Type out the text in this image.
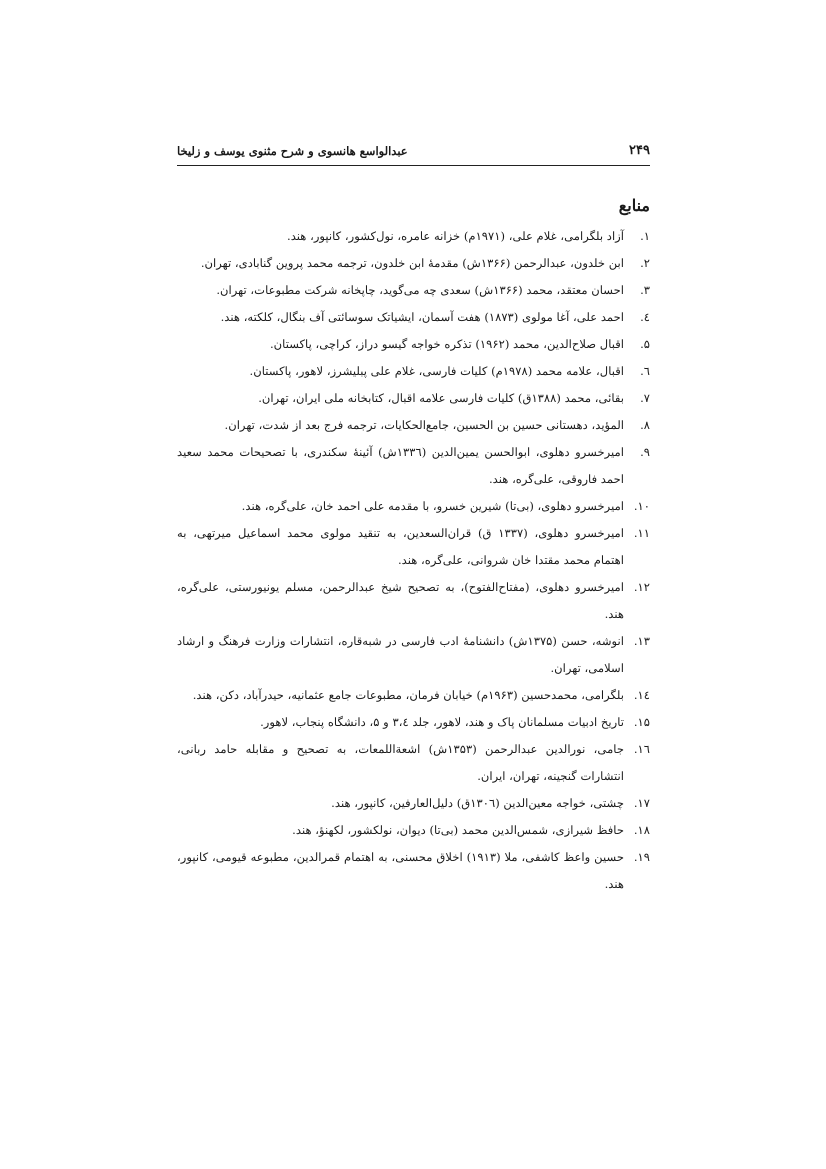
۲۴۹
عبدالواسع هانسوی و شرح مثنوی یوسف و زلیخا
منابع
۱.
آزاد بلگرامی، غلام علی، (۱۹۷۱م) خزانه عامره، نول‌کشور، کانپور، هند.
۲.
ابن خلدون، عبدالرحمن (۱۳۶۶ش) مقدمهٔ ابن خلدون، ترجمه محمد پروین گنابادی، تهران.
۳.
احسان معتقد، محمد (۱۳۶۶ش) سعدی چه می‌گوید، چاپخانه شرکت مطبوعات، تهران.
٤.
احمد علی، آغا مولوی (۱۸۷۳) هفت آسمان، ایشیاتک سوسائتی آف بنگال، کلکته، هند.
۵.
اقبال صلاح‌الدین، محمد (۱۹۶۲) تذکره خواجه گیسو دراز، کراچی، پاکستان.
٦.
اقبال، علامه محمد (۱۹۷۸م) کلیات فارسی، غلام علی پبلیشرز، لاهور، پاکستان.
۷.
بقائی، محمد (۱۳۸۸ق) کلیات فارسی علامه اقبال، کتابخانه ملی ایران، تهران.
۸.
المؤید، دهستانی حسین بن الحسین، جامع‌الحکایات، ترجمه فرج بعد از شدت، تهران.
۹.
امیرخسرو دهلوی، ابوالحسن یمین‌الدین (۱۳۳٦ش) آئینهٔ سکندری، با تصحیحات محمد سعید احمد فاروقی، علی‌گره، هند.
۱۰.
امیرخسرو دهلوی، (بی‌تا) شیرین خسرو، با مقدمه علی احمد خان، علی‌گره، هند.
۱۱.
امیرخسرو دهلوی، (۱۳۳۷ ق) قران‌السعدین، به تنقید مولوی محمد اسماعیل میرتهی، به اهتمام محمد مقتدا خان شروانی، علی‌گره، هند.
۱۲.
امیرخسرو دهلوی، (مفتاح‌الفتوح)، به تصحیح شیخ عبدالرحمن، مسلم یونیورستی، علی‌گره، هند.
۱۳.
انوشه، حسن (۱۳۷۵ش) دانشنامهٔ ادب فارسی در شبه‌قاره، انتشارات وزارت فرهنگ و ارشاد اسلامی، تهران.
۱٤.
بلگرامی، محمدحسین (۱۹۶۳م) خیابان فرمان، مطبوعات جامع عثمانیه، حیدرآباد، دکن، هند.
۱۵.
تاریخ ادبیات مسلمانان پاک و هند، لاهور، جلد ۳،٤ و ۵، دانشگاه پنجاب، لاهور.
۱٦.
جامی، نورالدین عبدالرحمن (۱۳۵۳ش) اشعةاللمعات، به تصحیح و مقابله حامد ربانی، انتشارات گنجینه، تهران، ایران.
۱۷.
چشتی، خواجه معین‌الدین (۱۳۰٦ق) دلیل‌العارفین، کانپور، هند.
۱۸.
حافظ شیرازی، شمس‌الدین محمد (بی‌تا) دیوان، نولکشور، لکهنؤ، هند.
۱۹.
حسین واعظ کاشفی، ملا (۱۹۱۳) اخلاق محسنی، به اهتمام قمرالدین، مطبوعه قیومی، کانپور، هند.
